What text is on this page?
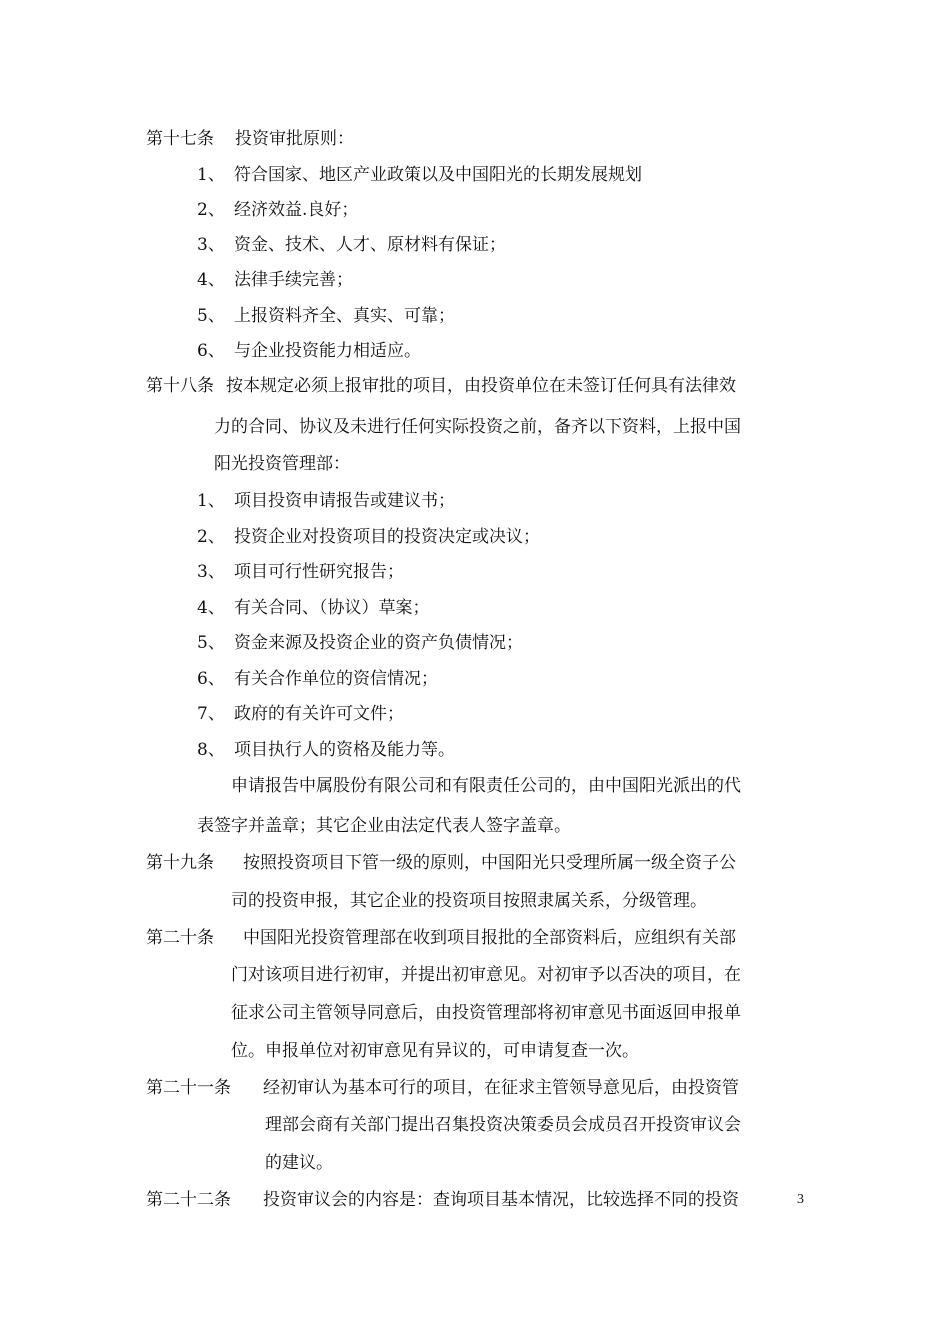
第十七条 投资审批原则：
1、 符合国家、地区产业政策以及中国阳光的长期发展规划
2、 经济效益.良好；
3、 资金、技术、人才、原材料有保证；
4、 法律手续完善；
5、 上报资料齐全、真实、可靠；
6、 与企业投资能力相适应。
第十八条 按本规定必须上报审批的项目，由投资单位在未签订任何具有法律效
力的合同、协议及未进行任何实际投资之前，备齐以下资料，上报中国
阳光投资管理部：
1、 项目投资申请报告或建议书；
2、 投资企业对投资项目的投资决定或决议；
3、 项目可行性研究报告；
4、 有关合同、（协议）草案；
5、 资金来源及投资企业的资产负债情况；
6、 有关合作单位的资信情况；
7、 政府的有关许可文件；
8、 项目执行人的资格及能力等。
申请报告中属股份有限公司和有限责任公司的，由中国阳光派出的代
表签字并盖章；其它企业由法定代表人签字盖章。
第十九条 按照投资项目下管一级的原则，中国阳光只受理所属一级全资子公
司的投资申报，其它企业的投资项目按照隶属关系，分级管理。
第二十条 中国阳光投资管理部在收到项目报批的全部资料后，应组织有关部
门对该项目进行初审，并提出初审意见。对初审予以否决的项目，在
征求公司主管领导同意后，由投资管理部将初审意见书面返回申报单
位。申报单位对初审意见有异议的，可申请复查一次。
第二十一条 经初审认为基本可行的项目，在征求主管领导意见后，由投资管
理部会商有关部门提出召集投资决策委员会成员召开投资审议会
的建议。
第二十二条 投资审议会的内容是：查询项目基本情况，比较选择不同的投资	3
